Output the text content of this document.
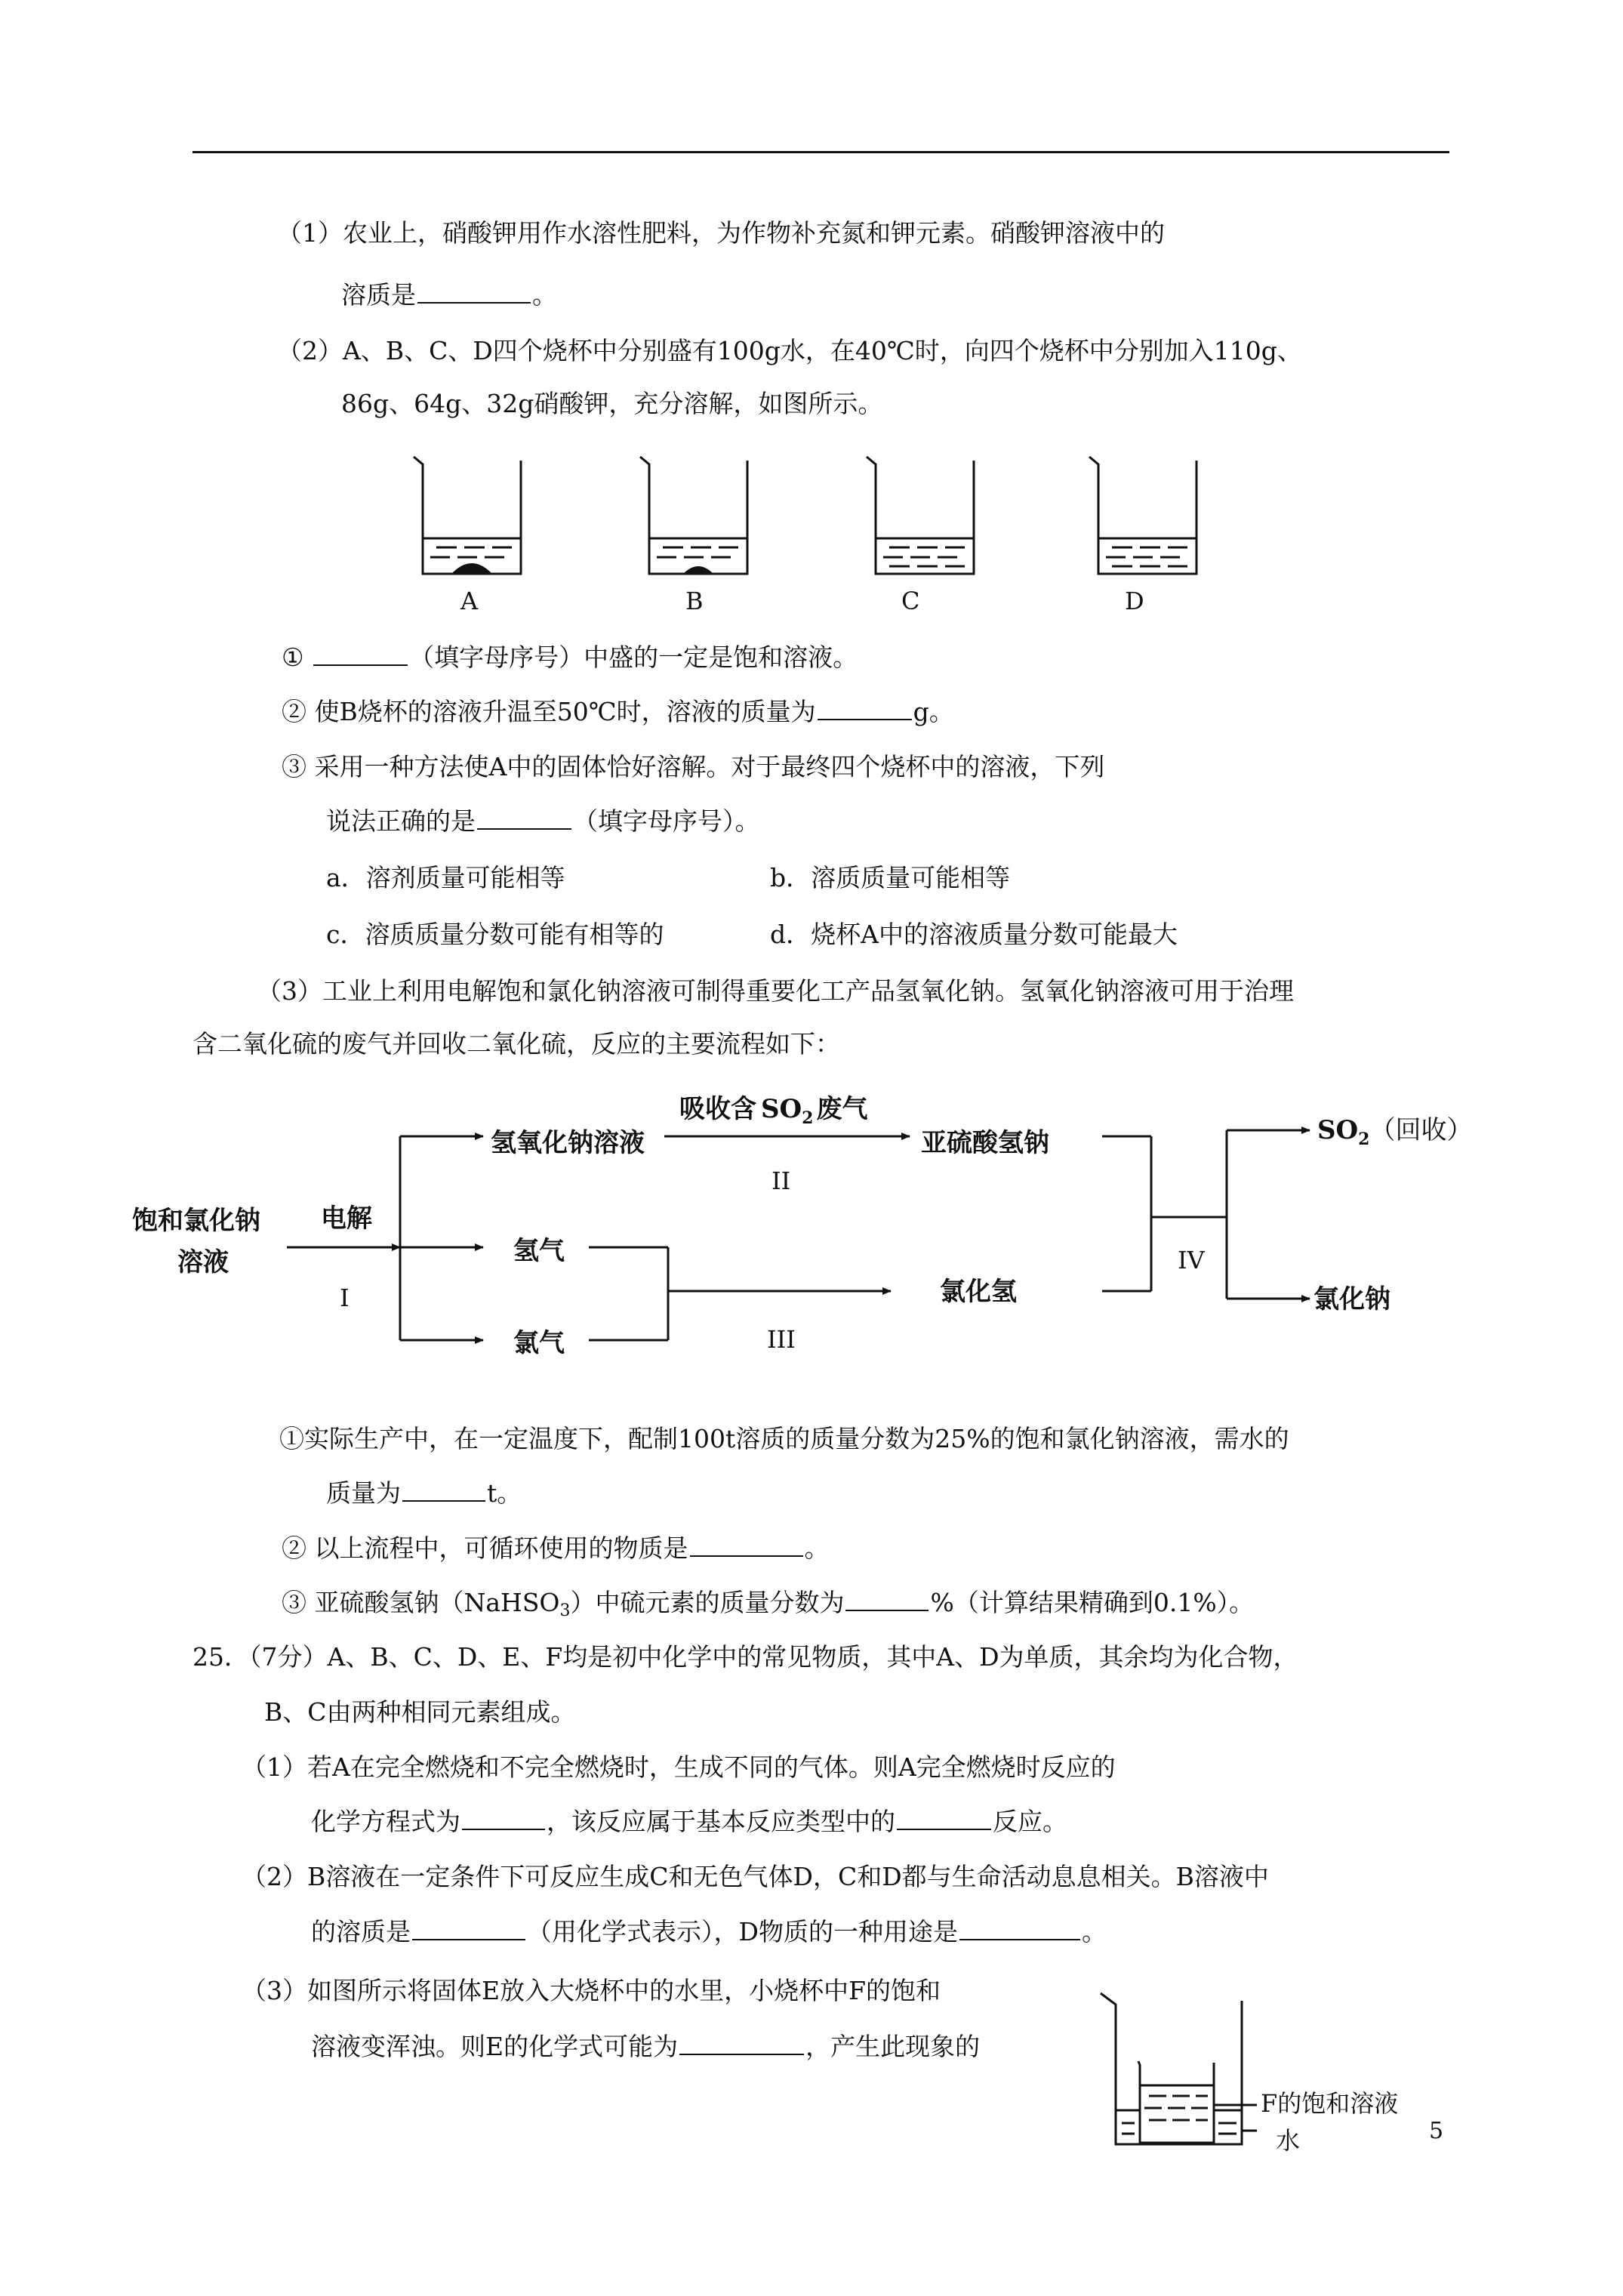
（1）农业上，硝酸钾用作水溶性肥料，为作物补充氮和钾元素。硝酸钾溶液中的
溶质是	。
（2）A、B、C、D四个烧杯中分别盛有100g水，在40℃时，向四个烧杯中分别加入110g、
86g、64g、32g硝酸钾，充分溶解，如图所示。
A	B	C	D
①	（填字母序号）中盛的一定是饱和溶液。
② 使B烧杯的溶液升温至50℃时，溶液的质量为	g。
③ 采用一种方法使A中的固体恰好溶解。对于最终四个烧杯中的溶液，下列
说法正确的是	（填字母序号）。
a．溶剂质量可能相等	b．溶质质量可能相等
c．溶质质量分数可能有相等的	d．烧杯A中的溶液质量分数可能最大
（3）工业上利用电解饱和氯化钠溶液可制得重要化工产品氢氧化钠。氢氧化钠溶液可用于治理
含二氧化硫的废气并回收二氧化硫，反应的主要流程如下：
饱和氯化钠
溶液
电解
氢氧化钠溶液
吸收含 $SO_2$ 废气
亚硫酸氢钠
氢气
氯气
氯化氢
$SO_2$（回收）
氯化钠
I
II
III
IV
①实际生产中，在一定温度下，配制100t溶质的质量分数为25%的饱和氯化钠溶液，需水的
质量为	t。
② 以上流程中，可循环使用的物质是	。
③ 亚硫酸氢钠（NaHSO$_3$）中硫元素的质量分数为	%（计算结果精确到0.1%）。
25．（7分）A、B、C、D、E、F均是初中化学中的常见物质，其中A、D为单质，其余均为化合物，
B、C由两种相同元素组成。
（1）若A在完全燃烧和不完全燃烧时，生成不同的气体。则A完全燃烧时反应的
化学方程式为	，该反应属于基本反应类型中的	反应。
（2）B溶液在一定条件下可反应生成C和无色气体D，C和D都与生命活动息息相关。B溶液中
的溶质是	（用化学式表示），D物质的一种用途是	。
（3）如图所示将固体E放入大烧杯中的水里，小烧杯中F的饱和
溶液变浑浊。则E的化学式可能为	，产生此现象的
F的饱和溶液
水	5
